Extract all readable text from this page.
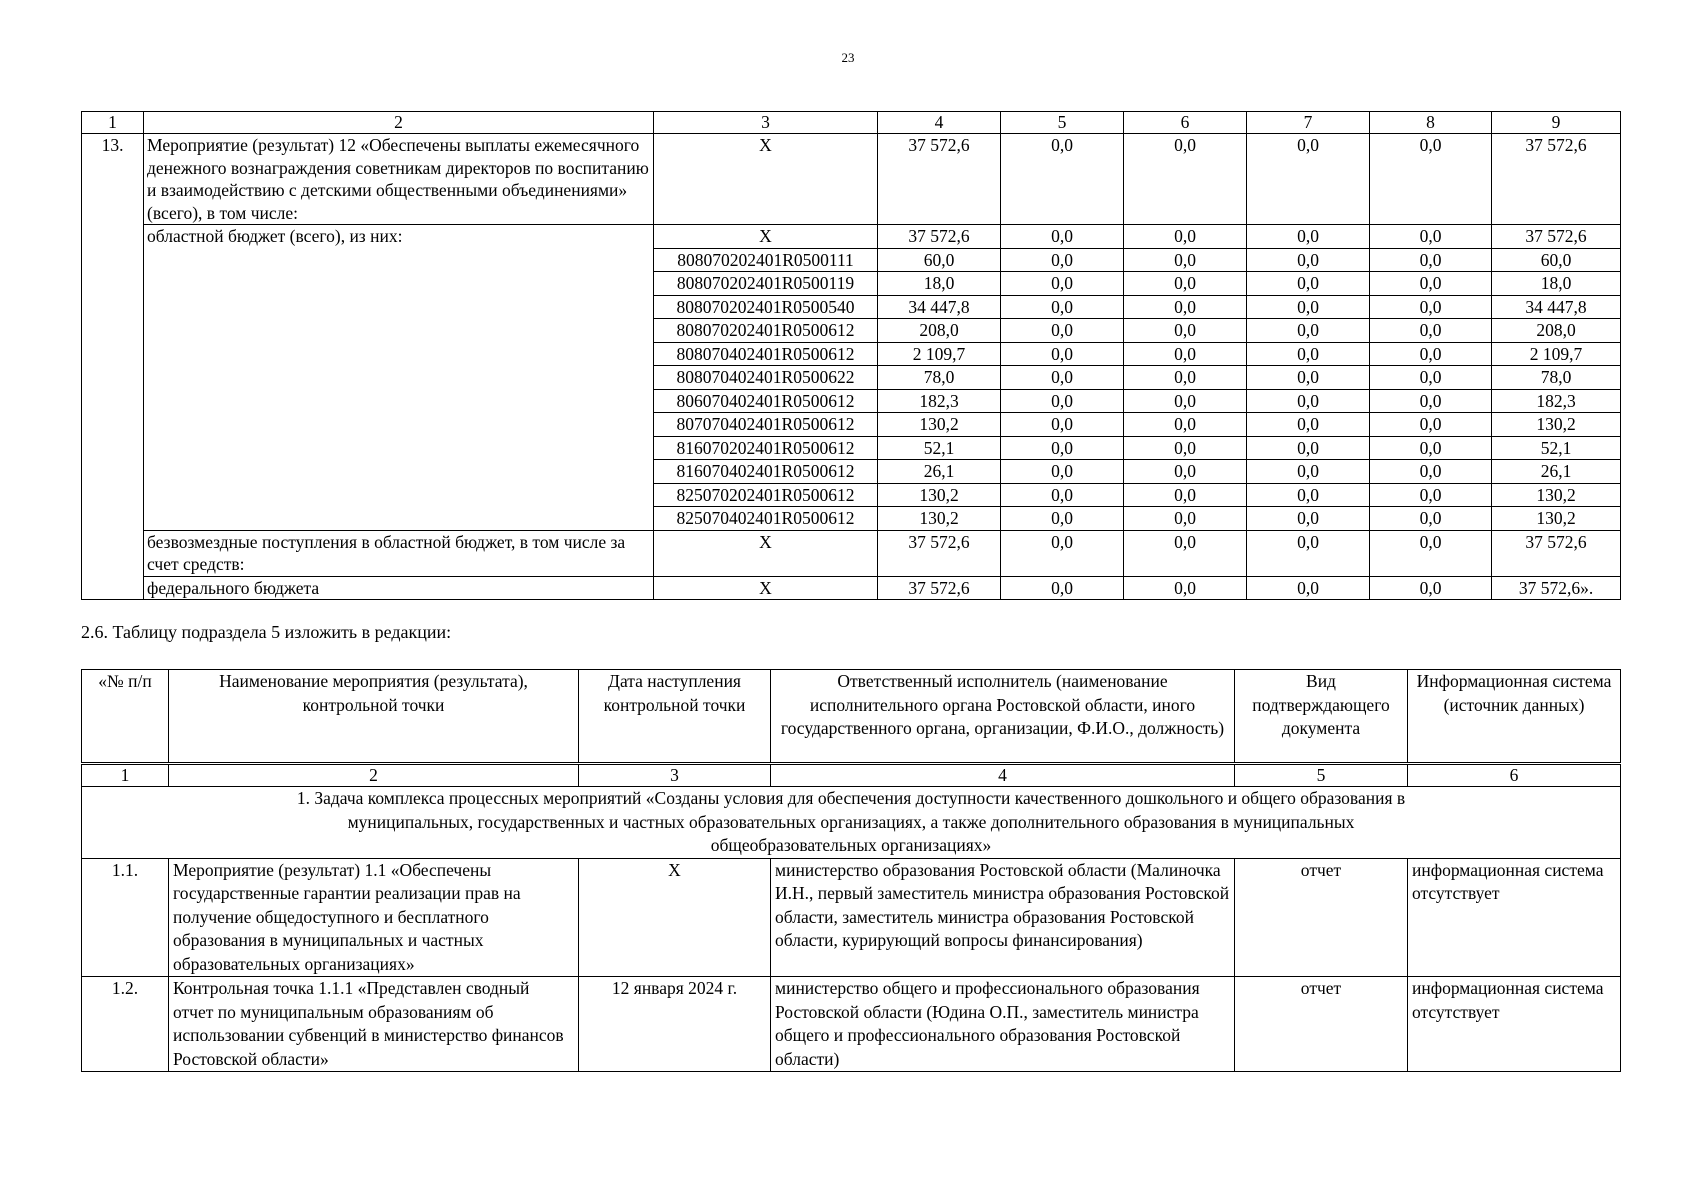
23
1	2	3	4	5	6	7	8	9
13.	Мероприятие (результат) 12 «Обеспечены выплаты ежемесячного денежного вознаграждения советникам директоров по воспитанию и взаимодействию с детскими общественными объединениями» (всего), в том числе:	Х	37 572,6	0,0	0,0	0,0	0,0	37 572,6
	областной бюджет (всего), из них:	Х	37 572,6	0,0	0,0	0,0	0,0	37 572,6
		808070202401R0500111	60,0	0,0	0,0	0,0	0,0	60,0
		808070202401R0500119	18,0	0,0	0,0	0,0	0,0	18,0
		808070202401R0500540	34 447,8	0,0	0,0	0,0	0,0	34 447,8
		808070202401R0500612	208,0	0,0	0,0	0,0	0,0	208,0
		808070402401R0500612	2 109,7	0,0	0,0	0,0	0,0	2 109,7
		808070402401R0500622	78,0	0,0	0,0	0,0	0,0	78,0
		806070402401R0500612	182,3	0,0	0,0	0,0	0,0	182,3
		807070402401R0500612	130,2	0,0	0,0	0,0	0,0	130,2
		816070202401R0500612	52,1	0,0	0,0	0,0	0,0	52,1
		816070402401R0500612	26,1	0,0	0,0	0,0	0,0	26,1
		825070202401R0500612	130,2	0,0	0,0	0,0	0,0	130,2
		825070402401R0500612	130,2	0,0	0,0	0,0	0,0	130,2
	безвозмездные поступления в областной бюджет, в том числе за счет средств:	Х	37 572,6	0,0	0,0	0,0	0,0	37 572,6
	федерального бюджета	Х	37 572,6	0,0	0,0	0,0	0,0	37 572,6».
2.6. Таблицу подраздела 5 изложить в редакции:
«№ п/п	Наименование мероприятия (результата), контрольной точки	Дата наступления контрольной точки	Ответственный исполнитель (наименование исполнительного органа Ростовской области, иного государственного органа, организации, Ф.И.О., должность)	Вид подтверждающего документа	Информационная система (источник данных)
1	2	3	4	5	6
1. Задача комплекса процессных мероприятий «Созданы условия для обеспечения доступности качественного дошкольного и общего образования в муниципальных, государственных и частных образовательных организациях, а также дополнительного образования в муниципальных общеобразовательных организациях»					
1.1.	Мероприятие (результат) 1.1 «Обеспечены государственные гарантии реализации прав на получение общедоступного и бесплатного образования в муниципальных и частных образовательных организациях»	Х	министерство образования Ростовской области (Малиночка И.Н., первый заместитель министра образования Ростовской области, заместитель министра образования Ростовской области, курирующий вопросы финансирования)	отчет	информационная система отсутствует
1.2.	Контрольная точка 1.1.1 «Представлен сводный отчет по муниципальным образованиям об использовании субвенций в министерство финансов Ростовской области»	12 января 2024 г.	министерство общего и профессионального образования Ростовской области (Юдина О.П., заместитель министра общего и профессионального образования Ростовской области)	отчет	информационная система отсутствует
